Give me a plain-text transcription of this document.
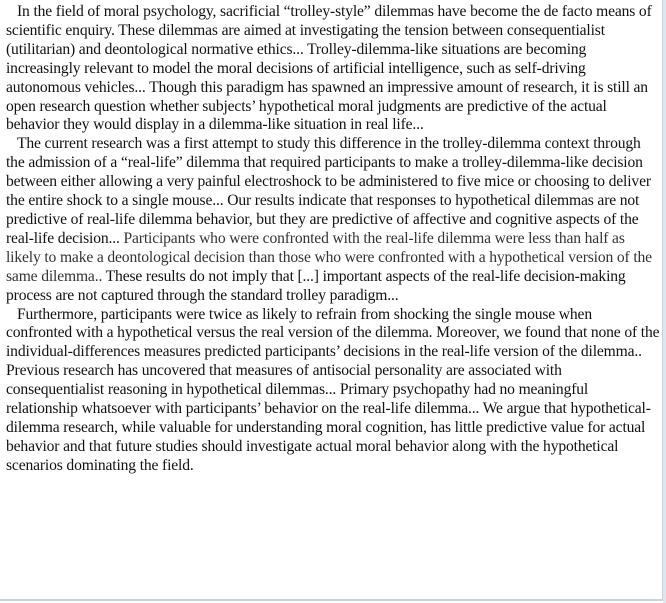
In the field of moral psychology, sacrificial “trolley-style” dilemmas have become the de facto means of scientific enquiry. These dilemmas are aimed at investigating the tension between consequentialist (utilitarian) and deontological normative ethics... Trolley-dilemma-like situations are becoming increasingly relevant to model the moral decisions of artificial intelligence, such as self-driving autonomous vehicles... Though this paradigm has spawned an impressive amount of research, it is still an open research question whether subjects’ hypothetical moral judgments are predictive of the actual behavior they would display in a dilemma-like situation in real life...

The current research was a first attempt to study this difference in the trolley-dilemma context through the admission of a “real-life” dilemma that required participants to make a trolley-dilemma-like decision between either allowing a very painful electroshock to be administered to five mice or choosing to deliver the entire shock to a single mouse... Our results indicate that responses to hypothetical dilemmas are not predictive of real-life dilemma behavior, but they are predictive of affective and cognitive aspects of the real-life decision... Participants who were confronted with the real-life dilemma were less than half as likely to make a deontological decision than those who were confronted with a hypothetical version of the same dilemma.. These results do not imply that [...] important aspects of the real-life decision-making process are not captured through the standard trolley paradigm...

Furthermore, participants were twice as likely to refrain from shocking the single mouse when confronted with a hypothetical versus the real version of the dilemma. Moreover, we found that none of the individual-differences measures predicted participants’ decisions in the real-life version of the dilemma.. Previous research has uncovered that measures of antisocial personality are associated with consequentialist reasoning in hypothetical dilemmas... Primary psychopathy had no meaningful relationship whatsoever with participants’ behavior on the real-life dilemma... We argue that hypothetical-dilemma research, while valuable for understanding moral cognition, has little predictive value for actual behavior and that future studies should investigate actual moral behavior along with the hypothetical scenarios dominating the field.
